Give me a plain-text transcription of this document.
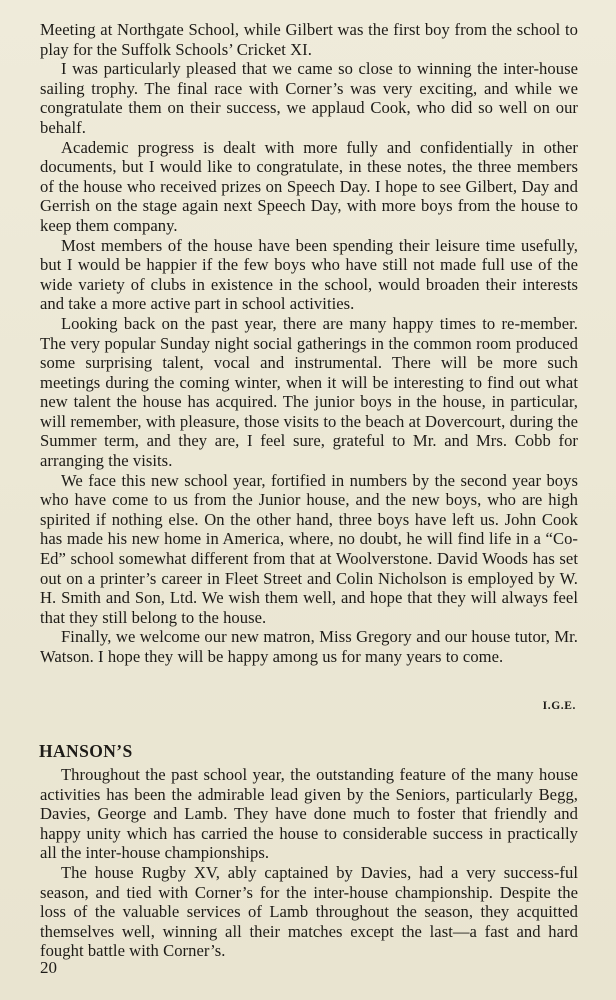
Meeting at Northgate School, while Gilbert was the first boy from the school to play for the Suffolk Schools’ Cricket XI.

I was particularly pleased that we came so close to winning the inter-house sailing trophy. The final race with Corner’s was very exciting, and while we congratulate them on their success, we applaud Cook, who did so well on our behalf.

Academic progress is dealt with more fully and confidentially in other documents, but I would like to congratulate, in these notes, the three members of the house who received prizes on Speech Day. I hope to see Gilbert, Day and Gerrish on the stage again next Speech Day, with more boys from the house to keep them company.

Most members of the house have been spending their leisure time usefully, but I would be happier if the few boys who have still not made full use of the wide variety of clubs in existence in the school, would broaden their interests and take a more active part in school activities.

Looking back on the past year, there are many happy times to re-member. The very popular Sunday night social gatherings in the common room produced some surprising talent, vocal and instrumental. There will be more such meetings during the coming winter, when it will be interesting to find out what new talent the house has acquired. The junior boys in the house, in particular, will remember, with pleasure, those visits to the beach at Dovercourt, during the Summer term, and they are, I feel sure, grateful to Mr. and Mrs. Cobb for arranging the visits.

We face this new school year, fortified in numbers by the second year boys who have come to us from the Junior house, and the new boys, who are high spirited if nothing else. On the other hand, three boys have left us. John Cook has made his new home in America, where, no doubt, he will find life in a “Co-Ed” school somewhat different from that at Woolverstone. David Woods has set out on a printer’s career in Fleet Street and Colin Nicholson is employed by W. H. Smith and Son, Ltd. We wish them well, and hope that they will always feel that they still belong to the house.

Finally, we welcome our new matron, Miss Gregory and our house tutor, Mr. Watson. I hope they will be happy among us for many years to come.

I.G.E.
HANSON’S

Throughout the past school year, the outstanding feature of the many house activities has been the admirable lead given by the Seniors, particularly Begg, Davies, George and Lamb. They have done much to foster that friendly and happy unity which has carried the house to considerable success in practically all the inter-house championships.

The house Rugby XV, ably captained by Davies, had a very success-ful season, and tied with Corner’s for the inter-house championship. Despite the loss of the valuable services of Lamb throughout the season, they acquitted themselves well, winning all their matches except the last—a fast and hard fought battle with Corner’s.

20
